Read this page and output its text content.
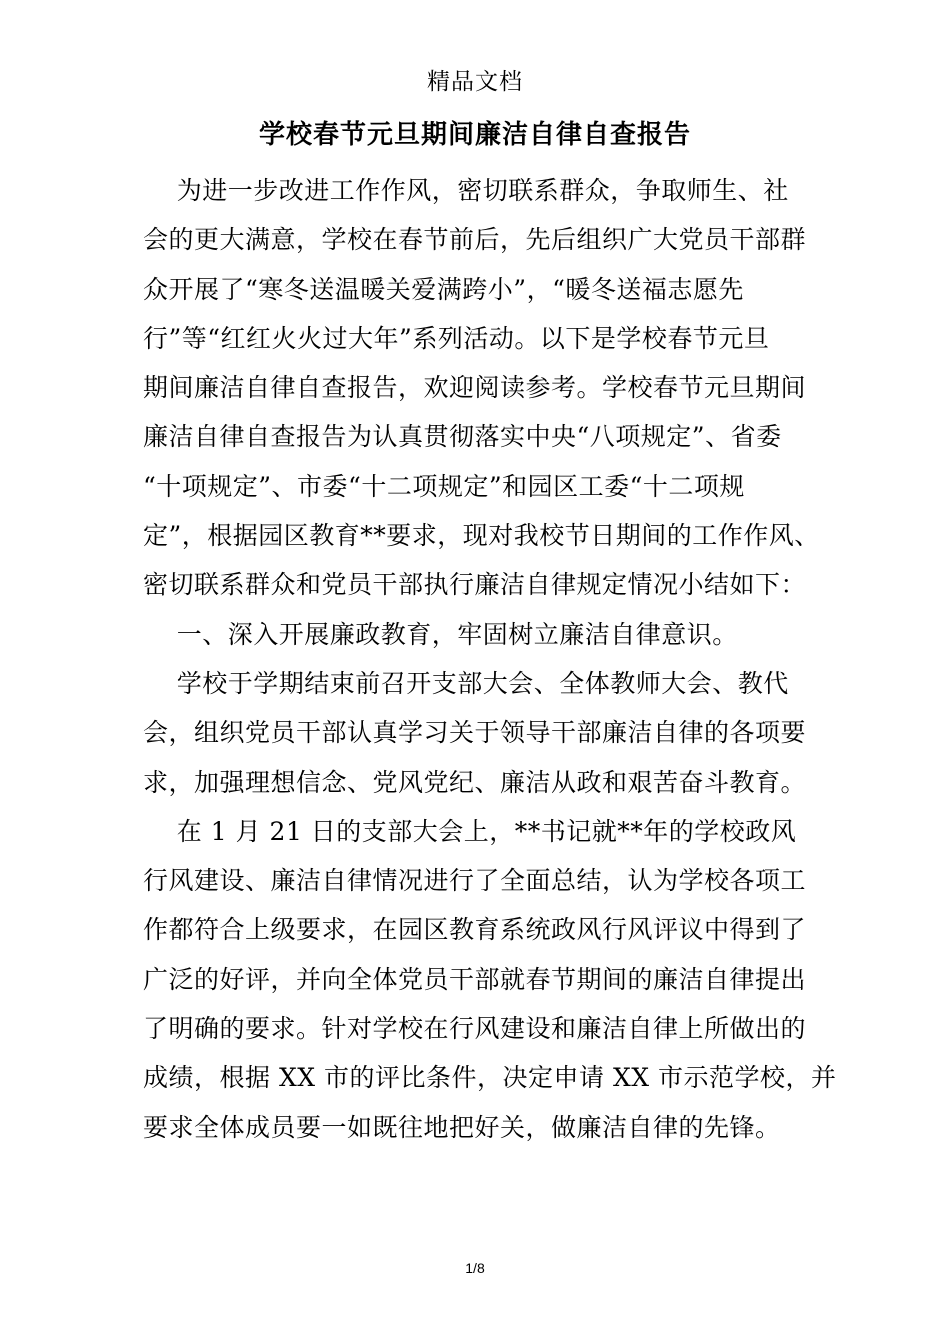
精品文档
学校春节元旦期间廉洁自律自查报告
为进一步改进工作作风，密切联系群众，争取师生、社
会的更大满意，学校在春节前后，先后组织广大党员干部群
众开展了“寒冬送温暖关爱满跨小”，“暖冬送福志愿先
行”等“红红火火过大年”系列活动。以下是学校春节元旦
期间廉洁自律自查报告，欢迎阅读参考。学校春节元旦期间
廉洁自律自查报告为认真贯彻落实中央“八项规定”、省委
“十项规定”、市委“十二项规定”和园区工委“十二项规
定”，根据园区教育**要求，现对我校节日期间的工作作风、
密切联系群众和党员干部执行廉洁自律规定情况小结如下：
一、深入开展廉政教育，牢固树立廉洁自律意识。
学校于学期结束前召开支部大会、全体教师大会、教代
会，组织党员干部认真学习关于领导干部廉洁自律的各项要
求，加强理想信念、党风党纪、廉洁从政和艰苦奋斗教育。
在 1 月 21 日的支部大会上，**书记就**年的学校政风
行风建设、廉洁自律情况进行了全面总结，认为学校各项工
作都符合上级要求，在园区教育系统政风行风评议中得到了
广泛的好评，并向全体党员干部就春节期间的廉洁自律提出
了明确的要求。针对学校在行风建设和廉洁自律上所做出的
成绩，根据 XX 市的评比条件，决定申请 XX 市示范学校，并
要求全体成员要一如既往地把好关，做廉洁自律的先锋。
1/8
